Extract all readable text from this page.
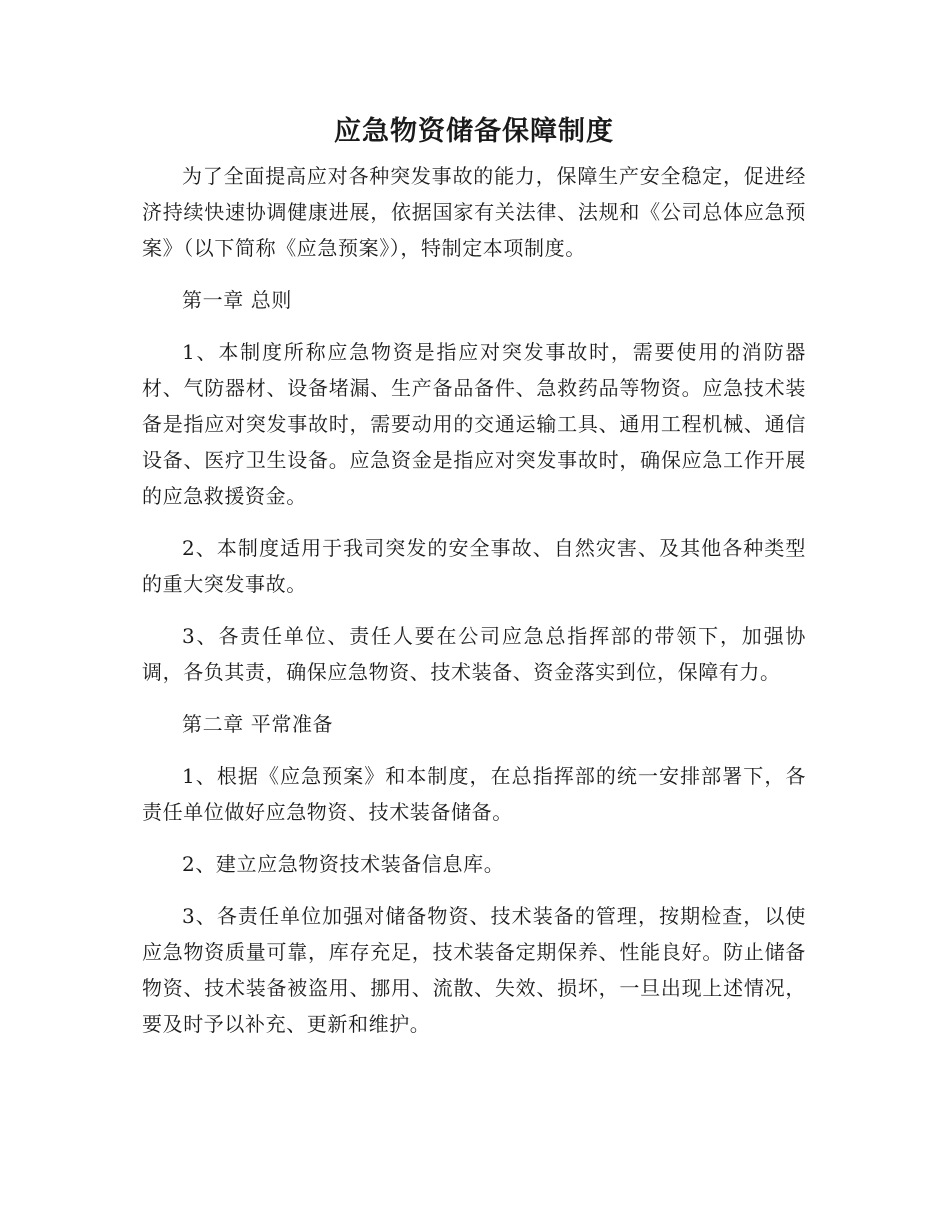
应急物资储备保障制度

为了全面提高应对各种突发事故的能力，保障生产安全稳定，促进经济持续快速协调健康进展，依据国家有关法律、法规和《公司总体应急预案》（以下简称《应急预案》），特制定本项制度。

第一章 总则

1、本制度所称应急物资是指应对突发事故时，需要使用的消防器材、气防器材、设备堵漏、生产备品备件、急救药品等物资。应急技术装备是指应对突发事故时，需要动用的交通运输工具、通用工程机械、通信设备、医疗卫生设备。应急资金是指应对突发事故时，确保应急工作开展的应急救援资金。

2、本制度适用于我司突发的安全事故、自然灾害、及其他各种类型的重大突发事故。

3、各责任单位、责任人要在公司应急总指挥部的带领下，加强协调，各负其责，确保应急物资、技术装备、资金落实到位，保障有力。

第二章 平常准备

1、根据《应急预案》和本制度，在总指挥部的统一安排部署下，各责任单位做好应急物资、技术装备储备。

2、建立应急物资技术装备信息库。

3、各责任单位加强对储备物资、技术装备的管理，按期检查，以使应急物资质量可靠，库存充足，技术装备定期保养、性能良好。防止储备物资、技术装备被盗用、挪用、流散、失效、损坏，一旦出现上述情况，要及时予以补充、更新和维护。
